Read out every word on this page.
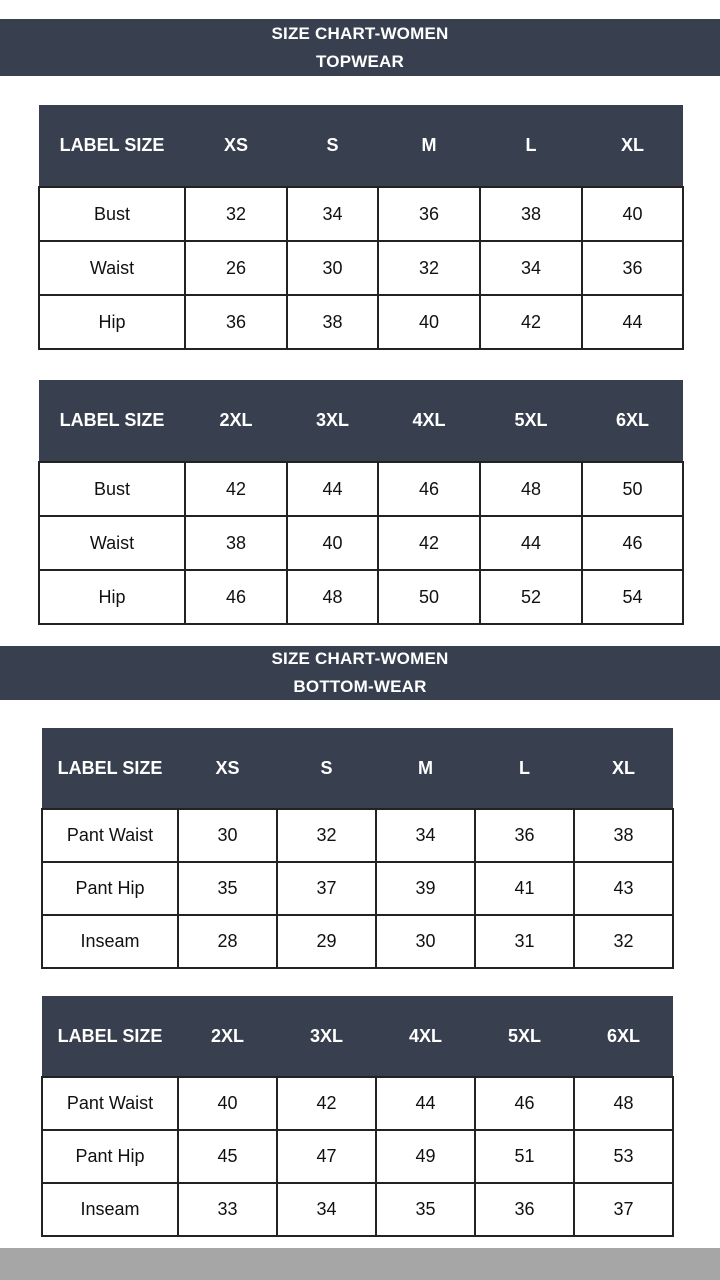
SIZE CHART-WOMEN
TOPWEAR
LABEL SIZE	XS	S	M	L	XL
Bust	32	34	36	38	40
Waist	26	30	32	34	36
Hip	36	38	40	42	44
LABEL SIZE	2XL	3XL	4XL	5XL	6XL
Bust	42	44	46	48	50
Waist	38	40	42	44	46
Hip	46	48	50	52	54
SIZE CHART-WOMEN
BOTTOM-WEAR
LABEL SIZE	XS	S	M	L	XL
Pant Waist	30	32	34	36	38
Pant Hip	35	37	39	41	43
Inseam	28	29	30	31	32
LABEL SIZE	2XL	3XL	4XL	5XL	6XL
Pant Waist	40	42	44	46	48
Pant Hip	45	47	49	51	53
Inseam	33	34	35	36	37
